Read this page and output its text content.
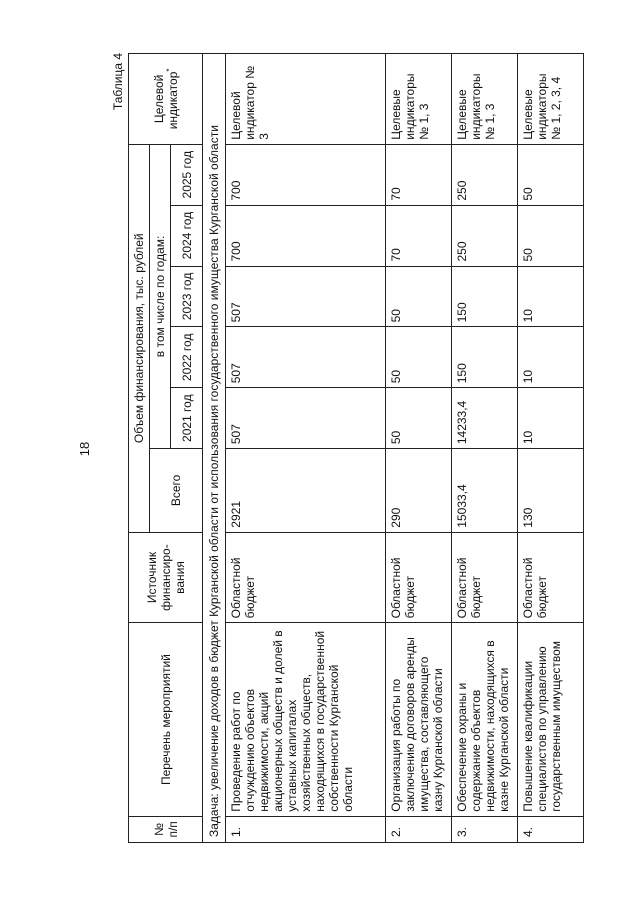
18
Таблица 4
№ п/п	Перечень мероприятий	Источник финансиро-вания	Объем финансирования, тыс. рублей						Целевой индикатор*
			Всего	в том числе по годам:					
				2021 год	2022 год	2023 год	2024 год	2025 год	
Задача: увеличение доходов в бюджет Курганской области от использования государственного имущества Курганской области									
1.	Проведение работ по отчуждению объектов недвижимости, акций акционерных обществ и долей в уставных капиталах хозяйственных обществ, находящихся в государственной собственности Курганской области	Областной бюджет	2921	507	507	507	700	700	Целевой индикатор № 3
2.	Организация работы по заключению договоров аренды имущества, составляющего казну Курганской области	Областной бюджет	290	50	50	50	70	70	Целевые индикаторы № 1, 3
3.	Обеспечение охраны и содержание объектов недвижимости, находящихся в казне Курганской области	Областной бюджет	15033,4	14233,4	150	150	250	250	Целевые индикаторы № 1, 3
4.	Повышение квалификации специалистов по управлению государственным имуществом	Областной бюджет	130	10	10	10	50	50	Целевые индикаторы № 1, 2, 3, 4
